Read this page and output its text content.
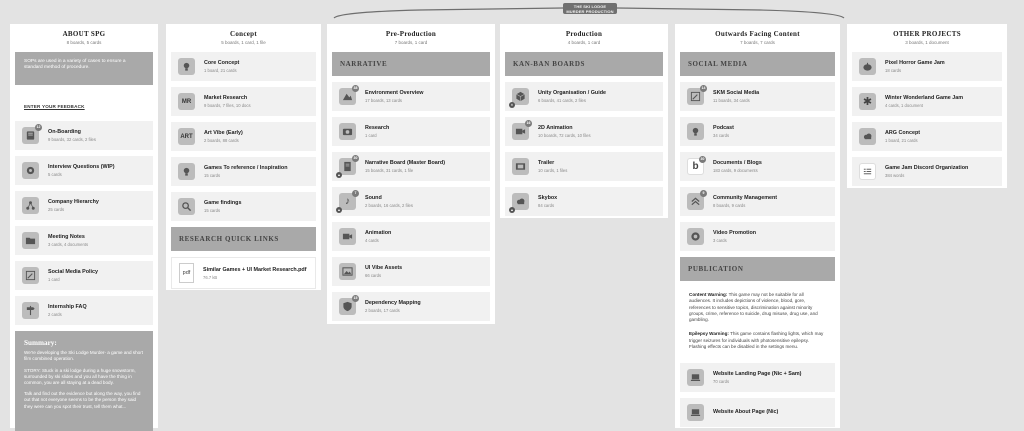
THE SKI LODGE
MURDER PRODUCTION
ABOUT SPG
8 boards, 5 cards
SOPs are used in a variety of cases to ensure a standard method of procedure.
ENTER YOUR FEEDBACK
12
On-Boarding
9 boards, 32 cards, 2 files
Interview Questions (WIP)
5 cards
Company Hierarchy
25 cards
Meeting Notes
3 cards, 4 documents
Social Media Policy
1 card
Internship FAQ
2 cards
Summary:

We're developing the Ski Lodge Murder- a game and short film combined operation.

STORY: Stuck in a ski lodge during a huge snowstorm, surrounded by ski slides and you all have the thing in common, you are all staying at a dead body.

Talk and find out the evidence but along the way, you find out that not everyone seems to be the person they said they were can you spot their trust, tell them what...

Concept
5 boards, 1 card, 1 file
Core Concept
1 board, 21 cards
MR
Market Research
9 boards, 7 files, 10 docs
ART
Art Vibe (Early)
2 boards, 88 cards
Games To reference / Inspiration
15 cards
Game findings
15 cards
RESEARCH QUICK LINKS
pdf
Similar Games + UI Market Research.pdf
76.7 kB
Pre-Production
7 boards, 1 card
NARRATIVE
38
Environment Overview
17 boards, 13 cards
Research
1 card
30
▲
Narrative Board (Master Board)
15 boards, 31 cards, 1 file
♪
7
▲
Sound
2 boards, 16 cards, 2 files
Animation
4 cards
UI Vibe Assets
66 cards
15
Dependency Mapping
2 boards, 17 cards
Production
4 boards, 1 card
KAN-BAN BOARDS
✕
Unity Organisation / Guide
6 boards, 41 cards, 2 files
16
2D Animation
10 boards, 72 cards, 10 files
Trailer
10 cards, 1 files
▲
Skybox
84 cards
Outwards Facing Content
7 boards, 7 cards
SOCIAL MEDIA
14
SKM Social Media
11 boards, 34 cards
Podcast
34 cards
b
30
Documents / Blogs
183 cards, 9 documents
9
Community Management
8 boards, 9 cards
Video Promotion
3 cards
PUBLICATION

Content Warning: This game may not be suitable for all audiences. It includes depictions of violence, blood, gore, references to sensitive topics, discrimination against minority groups, crime, reference to suicide, drug misuse, drug use, and gambling.

Epilepsy Warning: This game contains flashing lights, which may trigger seizures for individuals with photosensitive epilepsy. Flashing effects can be disabled in the settings menu.

Website Landing Page (Nic + Sam)
70 cards
Website About Page (Nic)
OTHER PROJECTS
3 boards, 1 document
Pixel Horror Game Jam
18 cards
✱ Winter Wonderland Game Jam
4 cards, 1 document
ARG Concept
1 board, 21 cards
Game Jam Discord Organization
384 words
